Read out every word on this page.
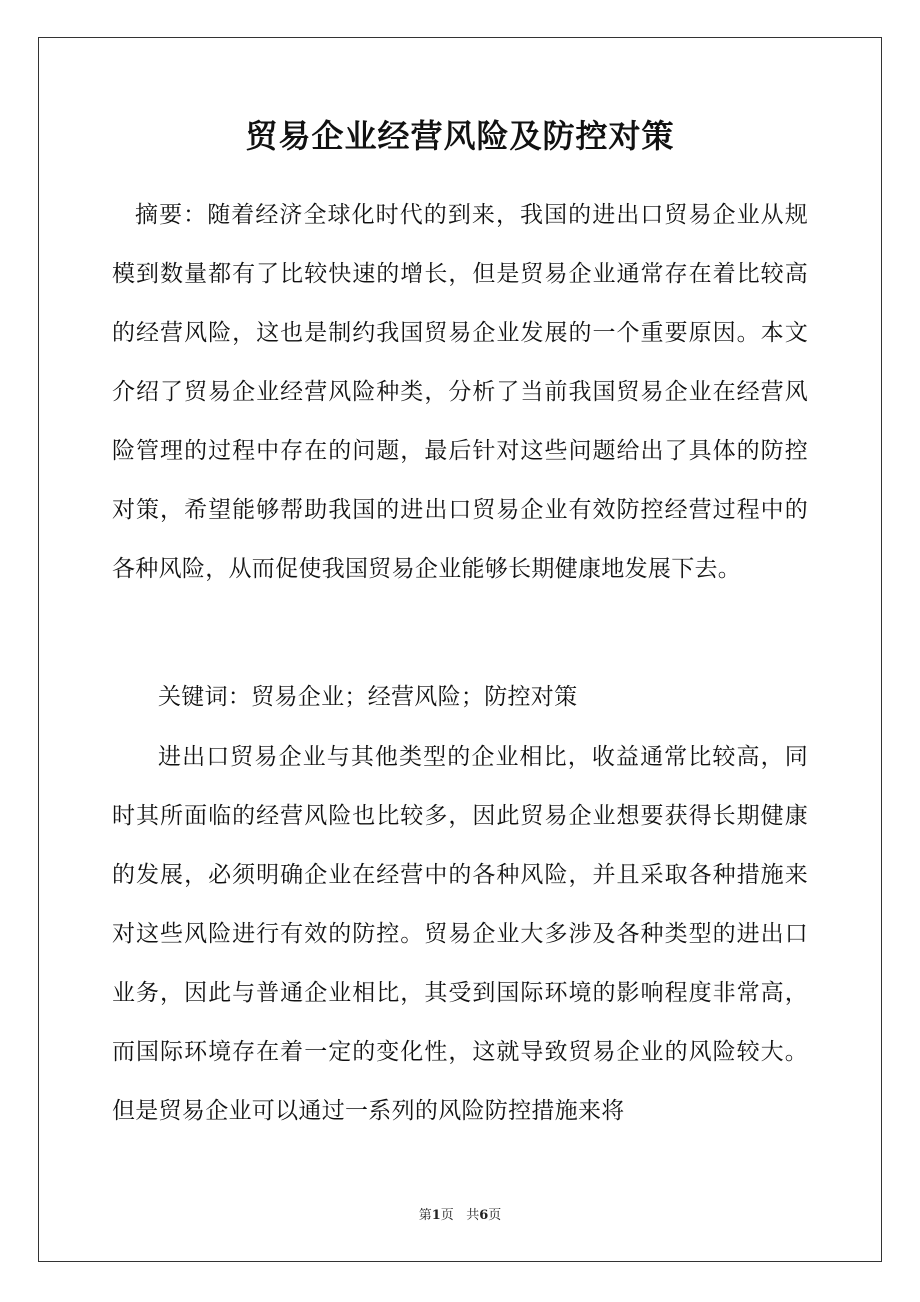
贸易企业经营风险及防控对策

摘要：随着经济全球化时代的到来，我国的进出口贸易企业从规模到数量都有了比较快速的增长，但是贸易企业通常存在着比较高的经营风险，这也是制约我国贸易企业发展的一个重要原因。本文介绍了贸易企业经营风险种类，分析了当前我国贸易企业在经营风险管理的过程中存在的问题，最后针对这些问题给出了具体的防控对策，希望能够帮助我国的进出口贸易企业有效防控经营过程中的各种风险，从而促使我国贸易企业能够长期健康地发展下去。

关键词：贸易企业；经营风险；防控对策

进出口贸易企业与其他类型的企业相比，收益通常比较高，同时其所面临的经营风险也比较多，因此贸易企业想要获得长期健康的发展，必须明确企业在经营中的各种风险，并且采取各种措施来对这些风险进行有效的防控。贸易企业大多涉及各种类型的进出口业务，因此与普通企业相比，其受到国际环境的影响程度非常高，而国际环境存在着一定的变化性，这就导致贸易企业的风险较大。但是贸易企业可以通过一系列的风险防控措施来将

第1页 共6页
